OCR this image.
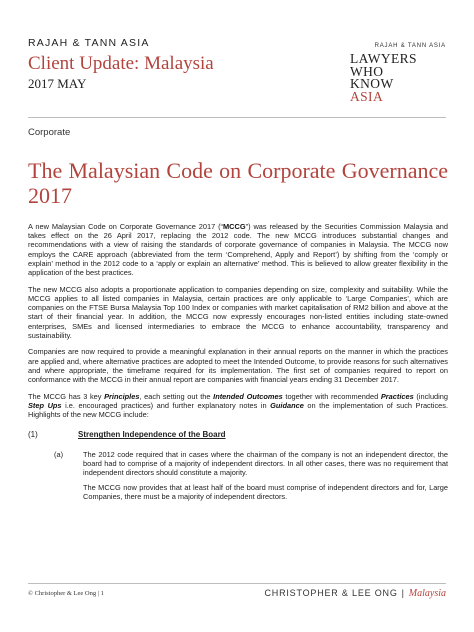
RAJAH & TANN ASIA
Client Update: Malaysia
2017 MAY
RAJAH & TANN ASIA
LAWYERS
WHO
KNOW
ASIA
Corporate
The Malaysian Code on Corporate Governance 2017

A new Malaysian Code on Corporate Governance 2017 (“MCCG”) was released by the Securities Commission Malaysia and takes effect on the 26 April 2017, replacing the 2012 code. The new MCCG introduces substantial changes and recommendations with a view of raising the standards of corporate governance of companies in Malaysia. The MCCG now employs the CARE approach (abbreviated from the term ‘Comprehend, Apply and Report’) by shifting from the ‘comply or explain’ method in the 2012 code to a ‘apply or explain an alternative’ method. This is believed to allow greater flexibility in the application of the best practices.

The new MCCG also adopts a proportionate application to companies depending on size, complexity and suitability. While the MCCG applies to all listed companies in Malaysia, certain practices are only applicable to ‘Large Companies’, which are companies on the FTSE Bursa Malaysia Top 100 Index or companies with market capitalisation of RM2 billion and above at the start of their financial year. In addition, the MCCG now expressly encourages non-listed entities including state-owned enterprises, SMEs and licensed intermediaries to embrace the MCCG to enhance accountability, transparency and sustainability.

Companies are now required to provide a meaningful explanation in their annual reports on the manner in which the practices are applied and, where alternative practices are adopted to meet the Intended Outcome, to provide reasons for such alternatives and where appropriate, the timeframe required for its implementation. The first set of companies required to report on conformance with the MCCG in their annual report are companies with financial years ending 31 December 2017.

The MCCG has 3 key Principles, each setting out the Intended Outcomes together with recommended Practices (including Step Ups i.e. encouraged practices) and further explanatory notes in Guidance on the implementation of such Practices. Highlights of the new MCCG include:

(1)	Strengthen Independence of the Board
(a)	The 2012 code required that in cases where the chairman of the company is not an independent director, the board had to comprise of a majority of independent directors. In all other cases, there was no requirement that independent directors should constitute a majority.

The MCCG now provides that at least half of the board must comprise of independent directors and for, Large Companies, there must be a majority of independent directors.

© Christopher & Lee Ong | 1	CHRISTOPHER & LEE ONG | Malaysia
